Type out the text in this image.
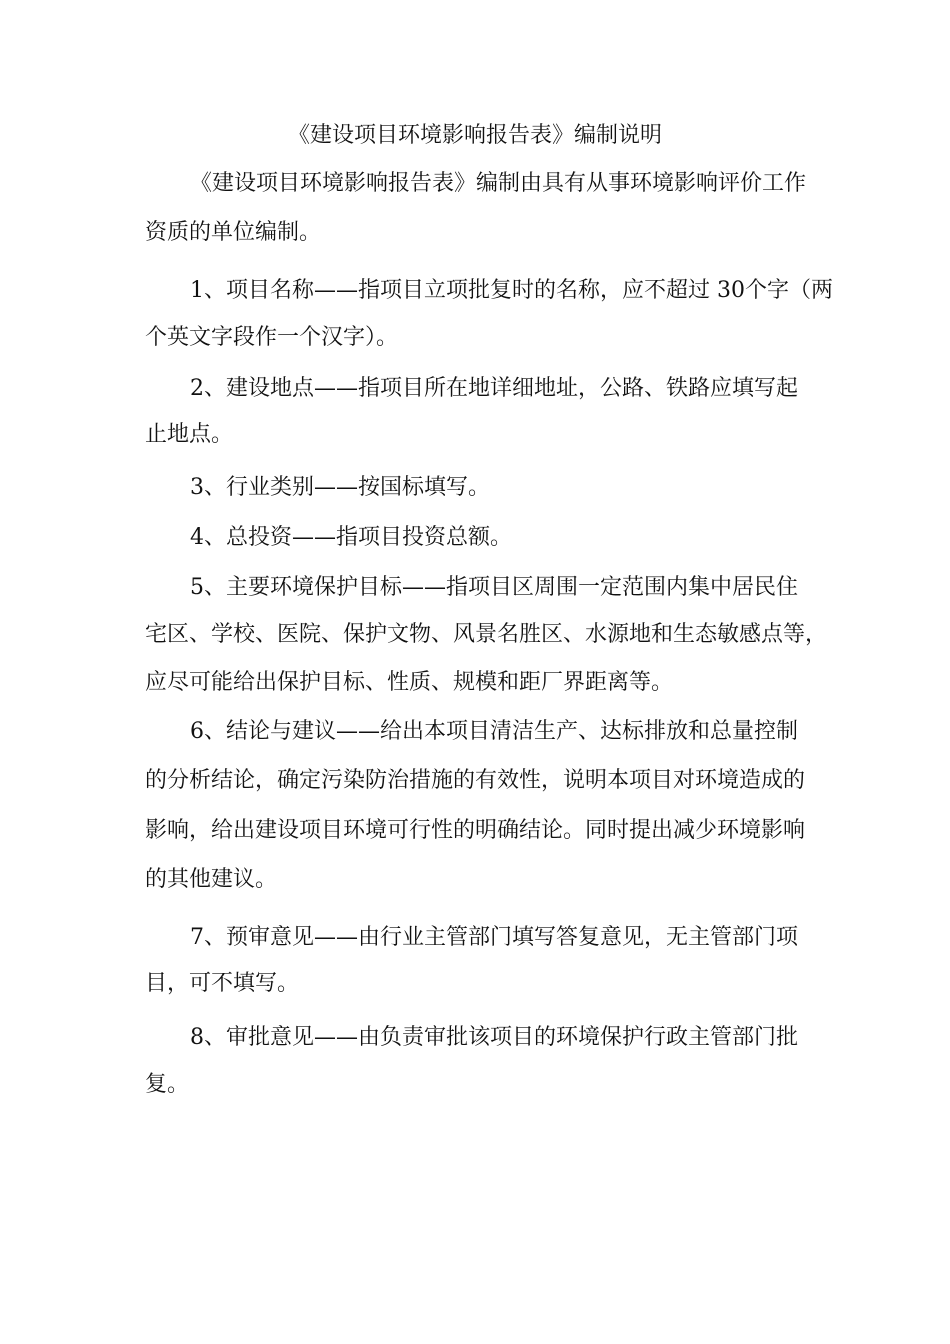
《建设项目环境影响报告表》编制说明
《建设项目环境影响报告表》编制由具有从事环境影响评价工作
资质的单位编制。
1、项目名称——指项目立项批复时的名称，应不超过 30个字（两
个英文字段作一个汉字）。
2、建设地点——指项目所在地详细地址，公路、铁路应填写起
止地点。
3、行业类别——按国标填写。
4、总投资——指项目投资总额。
5、主要环境保护目标——指项目区周围一定范围内集中居民住
宅区、学校、医院、保护文物、风景名胜区、水源地和生态敏感点等，
应尽可能给出保护目标、性质、规模和距厂界距离等。
6、结论与建议——给出本项目清洁生产、达标排放和总量控制
的分析结论，确定污染防治措施的有效性，说明本项目对环境造成的
影响，给出建设项目环境可行性的明确结论。同时提出减少环境影响
的其他建议。
7、预审意见——由行业主管部门填写答复意见，无主管部门项
目，可不填写。
8、审批意见——由负责审批该项目的环境保护行政主管部门批
复。
